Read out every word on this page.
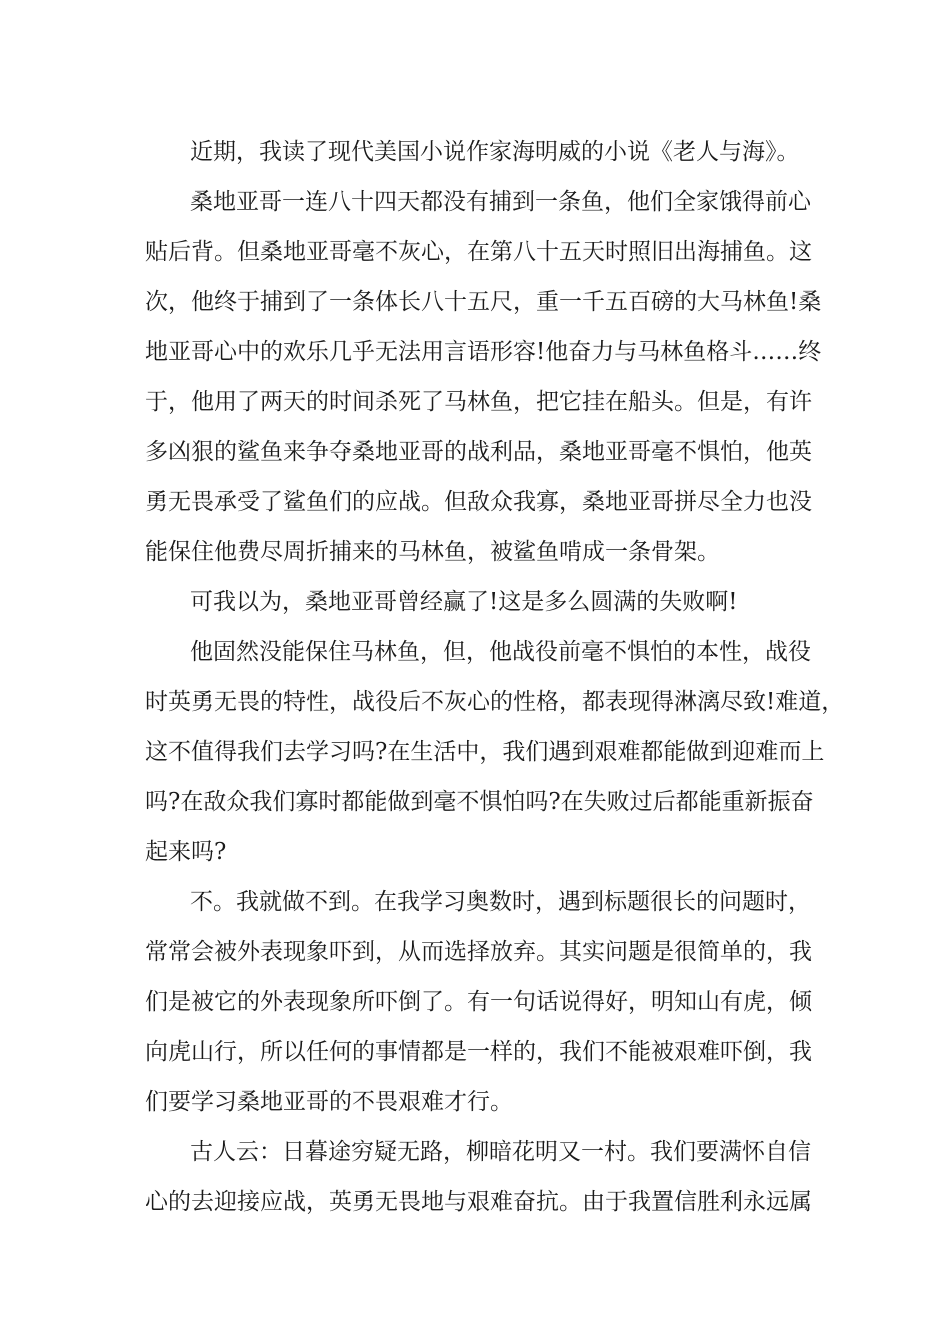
近期，我读了现代美国小说作家海明威的小说《老人与海》。

桑地亚哥一连八十四天都没有捕到一条鱼，他们全家饿得前心

贴后背。但桑地亚哥毫不灰心，在第八十五天时照旧出海捕鱼。这

次，他终于捕到了一条体长八十五尺，重一千五百磅的大马林鱼!桑

地亚哥心中的欢乐几乎无法用言语形容!他奋力与马林鱼格斗……终

于，他用了两天的时间杀死了马林鱼，把它挂在船头。但是，有许

多凶狠的鲨鱼来争夺桑地亚哥的战利品，桑地亚哥毫不惧怕，他英

勇无畏承受了鲨鱼们的应战。但敌众我寡，桑地亚哥拼尽全力也没

能保住他费尽周折捕来的马林鱼，被鲨鱼啃成一条骨架。

可我以为，桑地亚哥曾经赢了!这是多么圆满的失败啊!

他固然没能保住马林鱼，但，他战役前毫不惧怕的本性，战役

时英勇无畏的特性，战役后不灰心的性格，都表现得淋漓尽致!难道，

这不值得我们去学习吗?在生活中，我们遇到艰难都能做到迎难而上

吗?在敌众我们寡时都能做到毫不惧怕吗?在失败过后都能重新振奋

起来吗?

不。我就做不到。在我学习奥数时，遇到标题很长的问题时，

常常会被外表现象吓到，从而选择放弃。其实问题是很简单的，我

们是被它的外表现象所吓倒了。有一句话说得好，明知山有虎，倾

向虎山行，所以任何的事情都是一样的，我们不能被艰难吓倒，我

们要学习桑地亚哥的不畏艰难才行。

古人云：日暮途穷疑无路，柳暗花明又一村。我们要满怀自信

心的去迎接应战，英勇无畏地与艰难奋抗。由于我置信胜利永远属
